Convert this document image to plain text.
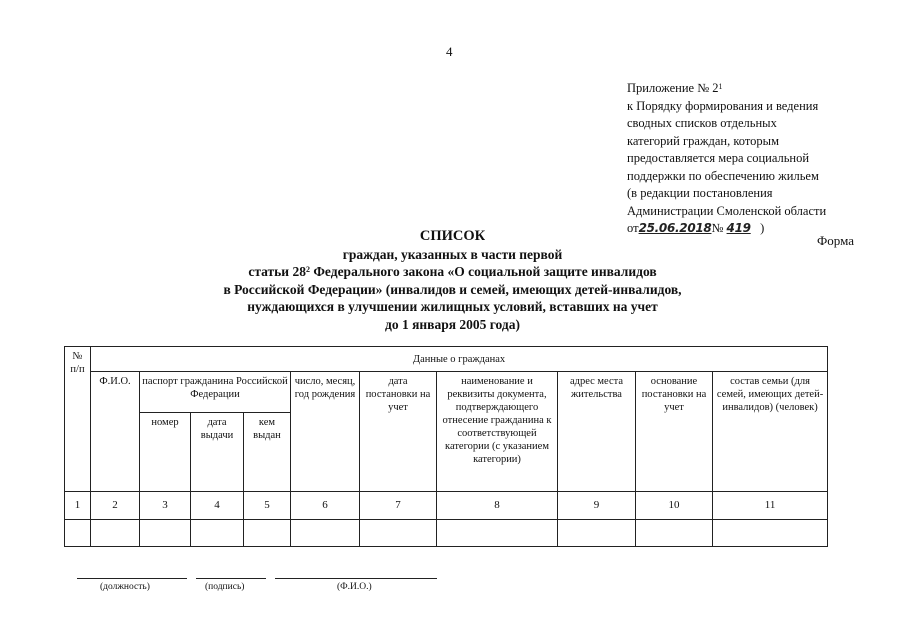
4
Приложение № $2^1$
к Порядку формирования и ведения
сводных списков отдельных
категорий граждан, которым
предоставляется мера социальной
поддержки по обеспечению жильем
(в редакции постановления
Администрации Смоленской области
от25.06.2018№ 419 )
Форма
СПИСОК
граждан, указанных в части первой
статьи $28^2$ Федерального закона «О социальной защите инвалидов
в Российской Федерации» (инвалидов и семей, имеющих детей-инвалидов,
нуждающихся в улучшении жилищных условий, вставших на учет
до 1 января 2005 года)
№ п/п	Данные о гражданах									
	Ф.И.О.	паспорт гражданина Российской Федерации			число, месяц, год рождения	дата постановки на учет	наименование и реквизиты документа, подтверждающего отнесение гражданина к соответствующей категории (с указанием категории)	адрес места жительства	основание постановки на учет	состав семьи (для семей, имеющих детей-инвалидов) (человек)
		номер	дата выдачи	кем выдан						
1	2	3	4	5	6	7	8	9	10	11

(должность)	(подпись)	(Ф.И.О.)
